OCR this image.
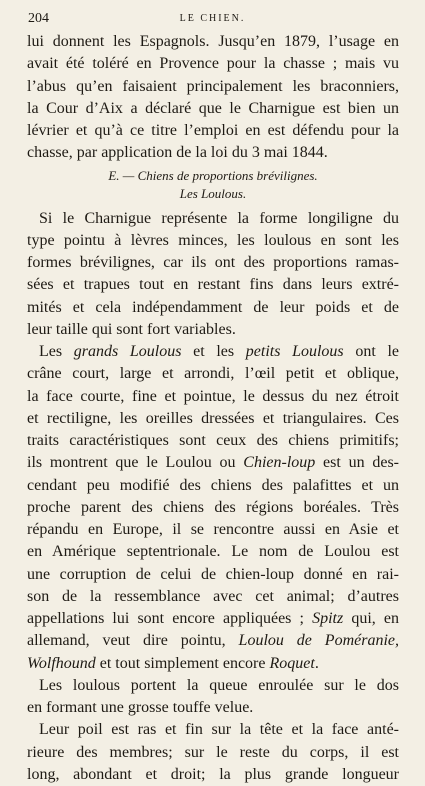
204	LE CHIEN.
lui donnent les Espagnols. Jusqu’en 1879, l’usage en
avait été toléré en Provence pour la chasse ; mais vu
l’abus qu’en faisaient principalement les braconniers,
la Cour d’Aix a déclaré que le Charnigue est bien un
lévrier et qu’à ce titre l’emploi en est défendu pour la
chasse, par application de la loi du 3 mai 1844.
E. — Chiens de proportions brévilignes.
Les Loulous.
Si le Charnigue représente la forme longiligne du
type pointu à lèvres minces, les loulous en sont les
formes brévilignes, car ils ont des proportions ramas-
sées et trapues tout en restant fins dans leurs extré-
mités et cela indépendamment de leur poids et de
leur taille qui sont fort variables.
Les grands Loulous et les petits Loulous ont le
crâne court, large et arrondi, l’œil petit et oblique,
la face courte, fine et pointue, le dessus du nez étroit
et rectiligne, les oreilles dressées et triangulaires. Ces
traits caractéristiques sont ceux des chiens primitifs;
ils montrent que le Loulou ou Chien-loup est un des-
cendant peu modifié des chiens des palafittes et un
proche parent des chiens des régions boréales. Très
répandu en Europe, il se rencontre aussi en Asie et
en Amérique septentrionale. Le nom de Loulou est
une corruption de celui de chien-loup donné en rai-
son de la ressemblance avec cet animal; d’autres
appellations lui sont encore appliquées ; Spitz qui, en
allemand, veut dire pointu, Loulou de Poméranie,
Wolfhound et tout simplement encore Roquet.
Les loulous portent la queue enroulée sur le dos
en formant une grosse touffe velue.
Leur poil est ras et fin sur la tête et la face anté-
rieure des membres; sur le reste du corps, il est
long, abondant et droit; la plus grande longueur
